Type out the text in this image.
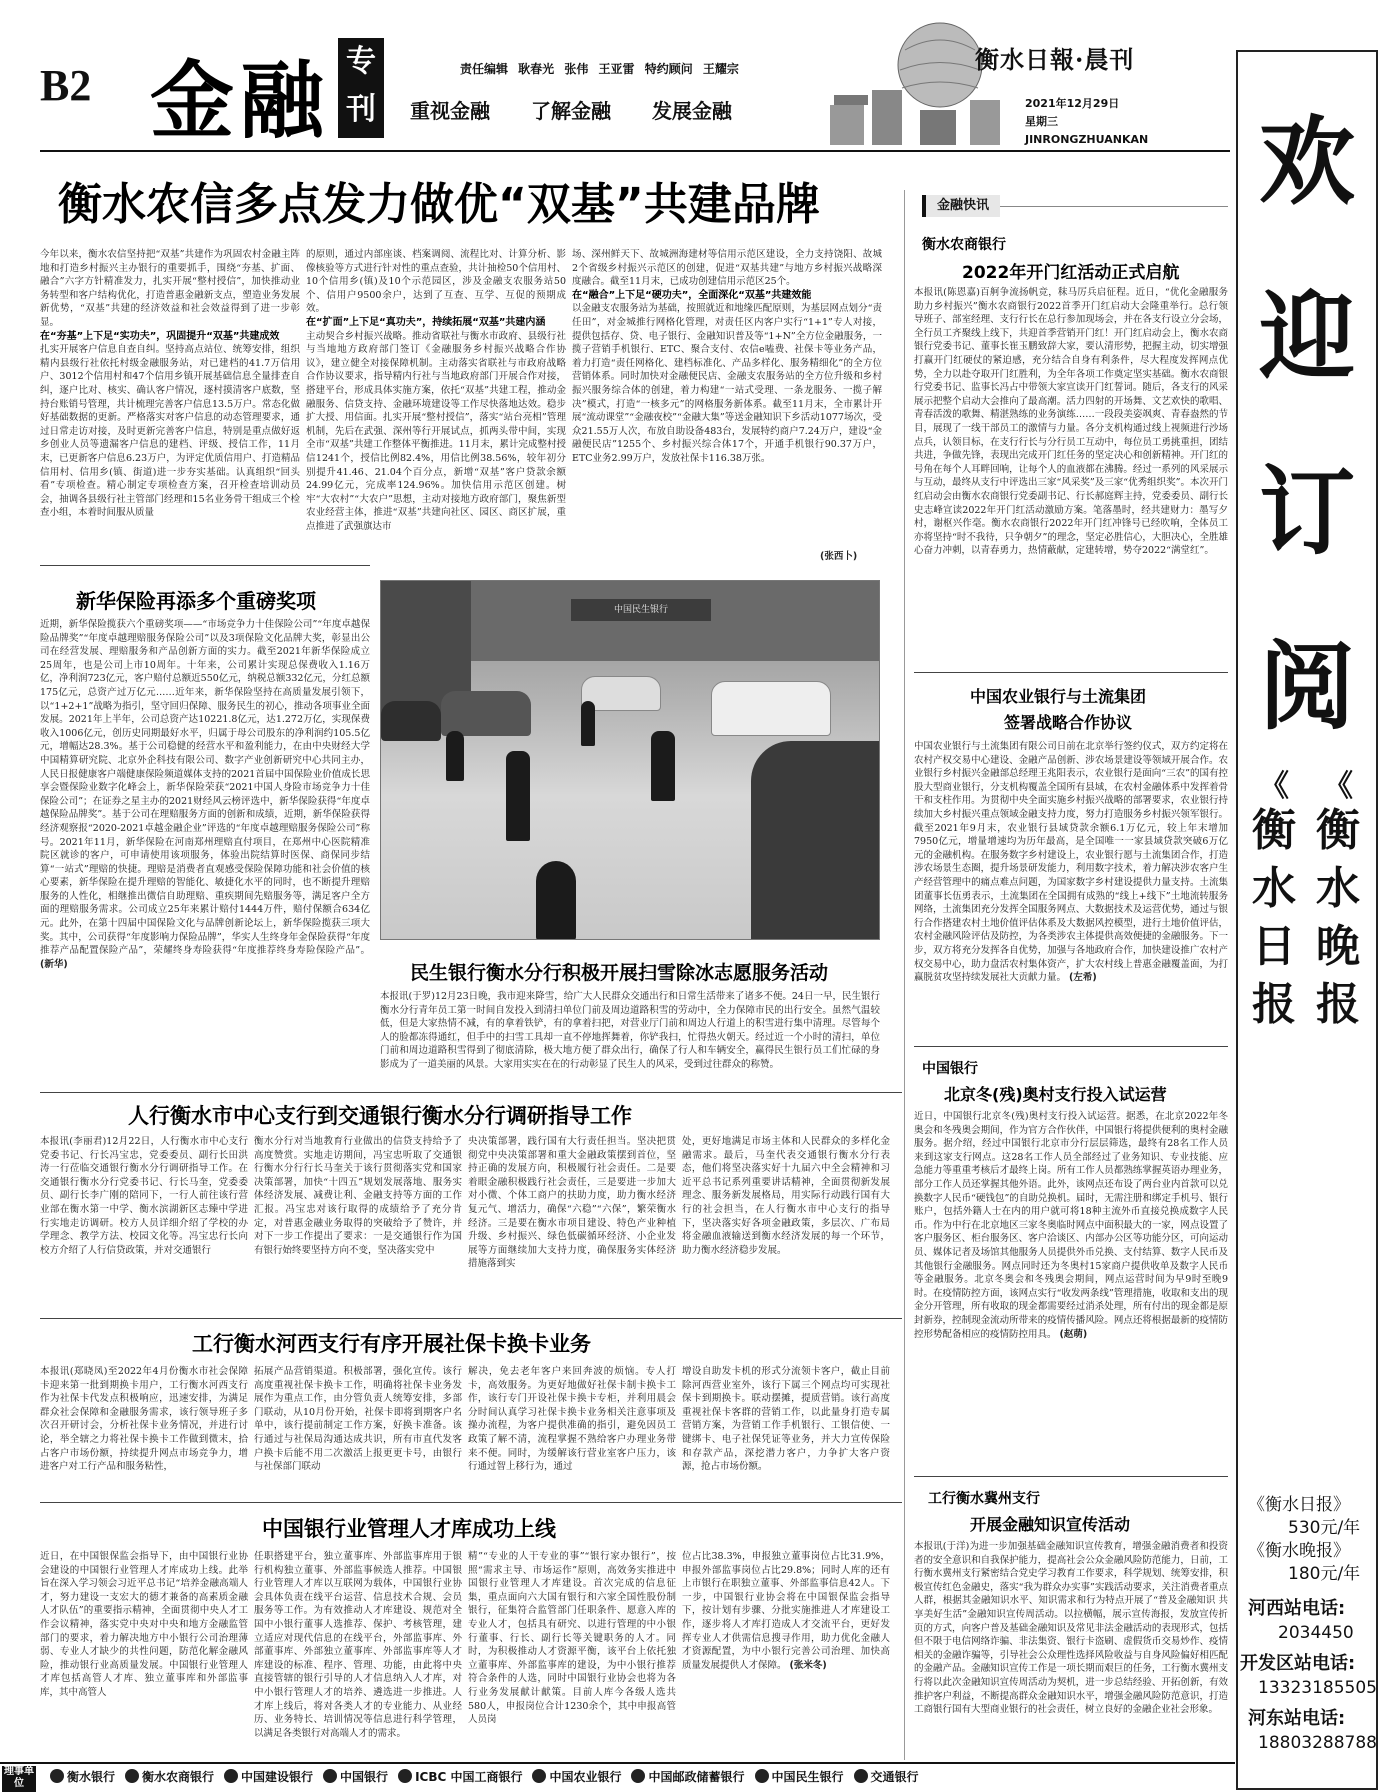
B2 金融 专刊
责任编辑 耿春光 张伟 王亚雷 特约顾问 王耀宗
重视金融 了解金融 发展金融
衡水日報·晨刊
2021年12月29日
星期三
JINRONGZHUANKAN
衡水农信多点发力做优“双基”共建品牌
今年以来，衡水农信坚持把“双基”共建作为巩固农村金融主阵地和打造乡村振兴主办银行的重要抓手，围绕“夯基、扩面、融合”六字方针精准发力，扎实开展“整村授信”，加快推动业务转型和客户结构优化，打造普惠金融新支点，塑造业务发展新优势，“双基”共建的经济效益和社会效益得到了进一步彰显。
在“夯基”上下足“实功夫”，巩固提升“双基”共建成效
扎实开展客户信息自查自纠。坚持高点站位、统筹安排，组织精内县级行社依托村级金融服务站，对已建档的41.7万信用户、3012个信用村和47个信用乡镇开展基础信息全量排查自纠，逐户比对、核实、确认客户情况，逐村摸清客户底数，坚持台账销号管理，共计梳理完善客户信息13.5万户。常态化做好基础数据的更新。严格落实对客户信息的动态管理要求，通过日常走访对接，及时更新完善客户信息，特别是重点做好返乡创业人员等遗漏客户信息的建档、评级、授信工作，11月末，已更新客户信息6.23万户，为评定优质信用户、打造精品信用村、信用乡(镇、街道)进一步夯实基础。认真组织“回头看”专项检查。精心制定专项检查方案，召开检查培训动员会，抽调各县级行社主管部门经理和15名业务骨干组成三个检查小组，本着时间服从质量
的原则，通过内部座谈、档案调阅、流程比对、计算分析、影像核验等方式进行针对性的重点查验，共计抽检50个信用村、10个信用乡(镇)及10个示范园区，涉及金融支农服务站50个、信用户9500余户，达到了互查、互学、互促的预期成效。
在“扩面”上下足“真功夫”，持续拓展“双基”共建内涵
主动契合乡村振兴战略。推动省联社与衡水市政府、县级行社与当地地方政府部门签订《金融服务乡村振兴战略合作协议》，建立健全对接保障机制。主动落实省联社与市政府战略合作协议要求，指导精内行社与当地政府部门开展合作对接，搭建平台，形成具体实施方案，依托“双基”共建工程，推动金融服务、信贷支持、金融环境建设等工作尽快落地达效。稳步扩大授、用信面。扎实开展“整村授信”，落实“站台亮相”管理机制，先后在武强、深州等行开展试点，抓两头带中间，实现全市“双基”共建工作整体平衡推进。11月末，累计完成整村授信1241个，授信比例82.4%，用信比例38.56%，较年初分别提升41.46、21.04个百分点，新增“双基”客户贷款余额24.99亿元，完成率124.96%。加快信用示范区创建。树牢“大农村”“大农户”思想，主动对接地方政府部门，聚焦新型农业经营主体，推进“双基”共建向社区、园区、商区扩展，重点推进了武强旗达市
场、深州鲜天下、故城洲海建材等信用示范区建设，全力支持饶阳、故城2个省级乡村振兴示范区的创建，促进“双基共建”与地方乡村振兴战略深度融合。截至11月末，已成功创建信用示范区25个。
在“融合”上下足“硬功夫”，全面深化“双基”共建效能
以金融支农服务站为基础，按照就近和地缘匹配原则，为基层网点划分“责任田”，对金城推行网格化管理，对责任区内客户实行“1+1”专人对接，提供包括存、贷、电子银行、金融知识普及等“1+N”全方位金融服务，一揽子营销手机银行、ETC、聚合支付、农信e嗑费、社保卡等业务产品，着力打造“责任网格化、建档标准化、产品多样化、服务精细化”的全方位营销体系。同时加快对金融便民店、金融支农服务站的全方位升级和乡村振兴服务综合体的创建，着力构建“一站式受理、一条龙服务、一揽子解决”模式，打造“一核多元”的网格服务新体系。截至11月末，全市累计开展“流动课堂”“金融夜校”“金融大集”等送金融知识下乡活动1077场次，受众21.55万人次，布放自助设备483台，发展特约商户7.24万户，建设“金融便民店”1255个、乡村振兴综合体17个，开通手机银行90.37万户，ETC业务2.99万户，发放社保卡116.38万张。
(张西卜)
新华保险再添多个重磅奖项
近期，新华保险揽获六个重磅奖项——“市场竞争力十佳保险公司”“年度卓越保险品牌奖”“年度卓越理赔服务保险公司”以及3项保险文化品牌大奖，彰显出公司在经营发展、理赔服务和产品创新方面的实力。截至2021年新华保险成立25周年，也是公司上市10周年。十年来，公司累计实现总保费收入1.16万亿，净利润723亿元，客户赔付总额近550亿元，纳税总额332亿元，分红总额175亿元，总资产过万亿元……近年来，新华保险坚持在高质量发展引领下，以“1+2+1”战略为指引，坚守回归保障、服务民生的初心，推动各项事业全面发展。2021年上半年，公司总资产达10221.8亿元，达1.272万亿，实现保费收入1006亿元，创历史同期最好水平，归属于母公司股东的净利润约105.5亿元，增幅达28.3%。基于公司稳健的经营水平和盈利能力，在由中央财经大学中国精算研究院、北京外企科技有限公司、数字产业创新研究中心共同主办，人民日报健康客户端健康保险频道媒体支持的2021首届中国保险业价值成长思享会暨保险业数字化峰会上，新华保险荣获“2021中国人身险市场竞争力十佳保险公司”；在证券之星主办的2021财经风云榜评选中，新华保险获得“年度卓越保险品牌奖”。基于公司在理赔服务方面的创新和成绩，近期，新华保险获得经济观察报“2020-2021卓越金融企业”评选的“年度卓越理赔服务保险公司”称号。2021年11月，新华保险在河南郑州理赔直付项目，在郑州中心医院精准院区就诊的客户，可申请使用该项服务，体验出院结算时医保、商保同步结算“一站式”理赔的快捷。理赔是消费者直观感受保险保障功能和社会价值的核心要素，新华保险在提升理赔的智能化、敏捷化水平的同时，也不断提升理赔服务的人性化，相继推出微信自助理赔、重疾期间先赔服务等，满足客户全方面的理赔服务需求。公司成立25年来累计赔付1444万件，赔付保额合634亿元。此外，在第十四届中国保险文化与品牌创新论坛上，新华保险揽获三项大奖。其中，公司获得“年度影响力保险品牌”，华实人生终身年金保险获得“年度推荐产品配置保险产品”，荣耀终身寿险获得“年度推荐终身寿险保险产品”。 (新华)
中国民生银行
民生银行衡水分行积极开展扫雪除冰志愿服务活动
本报讯(于罗)12月23日晚，我市迎来降雪，给广大人民群众交通出行和日常生活带来了诸多不便。24日一早，民生银行衡水分行青年员工第一时间自发投入到清扫单位门前及周边道路积雪的劳动中，全力保障市民的出行安全。虽然气温较低，但是大家热情不减，有的拿着铁铲，有的拿着扫把，对营业厅门前和周边人行道上的积雪进行集中清理。尽管每个人的脸都冻得通红，但手中的扫雪工具却一直不停地挥舞着，你铲我扫，忙得热火朝天。经过近一个小时的清扫，单位门前和周边道路积雪得到了彻底清除，极大地方便了群众出行，确保了行人和车辆安全，赢得民生银行员工们忙碌的身影成为了一道美丽的风景。大家用实实在在的行动彰显了民生人的风采，受到过往群众的称赞。
人行衡水市中心支行到交通银行衡水分行调研指导工作
本报讯(李丽君)12月22日，人行衡水市中心支行党委书记、行长冯宝忠，党委委员、副行长田洪涛一行莅临交通银行衡水分行调研指导工作。在交通银行衡水分行党委书记、行长马奎，党委委员、副行长李广刚的陪同下，一行人前往该行营业部在衡水第一中学、衡水滨湖新区志臻中学进行实地走访调研。校方人员详细介绍了学校的办学理念、教学方法、校园文化等。冯宝忠行长向校方介绍了人行信贷政策，并对交通银行
衡水分行对当地教育行业做出的信贷支持给予了高度赞赏。实地走访期间，冯宝忠听取了交通银行衡水分行行长马奎关于该行贯彻落实党和国家决策部署，加快“十四五”规划发展落地、服务实体经济发展、减费让利、金融支持等方面的工作汇报。冯宝忠对该行取得的成绩给予了充分肯定，对普惠金融业务取得的突破给予了赞许，并对下一步工作提出了要求：一是交通银行作为国有银行始终要坚持方向不变，坚决落实党中
央决策部署，践行国有大行责任担当。坚决把贯彻党中央决策部署和重大金融政策摆到首位，坚持正确的发展方向，积极履行社会责任。二是要着眼金融积极践行社会责任，三是要进一步加大对小微、个体工商户的扶助力度，助力衡水经济复元气、增活力，确保“六稳”“六保”，繁荣衡水经济。三是要在衡水市项目建设、特色产业种植升级、乡村振兴、绿色低碳循环经济、小企业发展等方面继续加大支持力度，确保服务实体经济措施落到实
处，更好地满足市场主体和人民群众的多样化金融需求。最后，马奎代表交通银行衡水分行表态，他们将坚决落实好十九届六中全会精神和习近平总书记系列重要讲话精神，全面贯彻新发展理念、服务新发展格局，用实际行动践行国有大行的社会担当，在人行衡水市中心支行的指导下，坚决落实好各项金融政策，多层次、广布局将金融血液输送到衡水经济发展的每一个环节，助力衡水经济稳步发展。
工行衡水河西支行有序开展社保卡换卡业务
本报讯(郑晓凤)至2022年4月份衡水市社会保障卡迎来第一批到期换卡用户，工行衡水河西支行作为社保卡代发点积极响应，迅速安排，为满足群众社会保障和金融服务需求，该行领导班子多次召开研讨会，分析社保卡业务情况，并进行讨论，举全辖之力将社保卡换卡工作做到微末，拾占客户市场份额，持续提升网点市场竞争力，增进客户对工行产品和服务粘性，
拓展产品营销渠道。积极部署，强化宣传。该行高度重视社保卡换卡工作，明确将社保卡业务发展作为重点工作，由分管负责人统筹安排，多部门联动，从10月份开始，社保卡即将到期客户名单中，该行提前制定工作方案，好换卡准备。该行通过与社保局沟通达成共识，所有市直代发客户换卡后能不用二次激活上报更更卡号，由银行与社保部门联动
解决，免去老年客户来回奔波的烦恼。专人打卡，高效服务。为更好地做好社保卡制卡换卡工作，该行专门开设社保卡换卡专柜，并利用晨会分时间认真学习社保卡换卡业务相关注意事项及操办流程，为客户提供准确的指引，避免因员工政策了解不清，流程掌握不熟给客户办理业务带来不便。同时，为缓解该行营业室客户压力，该行通过智上移行为，通过
增设自助发卡机的形式分流领卡客户，截止目前除河西营业室外，该行下属三个网点均可实现社保卡到期换卡。联动摆摊，提质营销。该行高度重视社保卡客群的营销工作，以此量身打造专属营销方案，为营销工作手机银行、工银信使、一键绑卡、电子社保凭证等业务，并大力宣传保险和存款产品，深挖潜力客户，力争扩大客户资源，抢占市场份额。
中国银行业管理人才库成功上线
近日，在中国银保监会指导下，由中国银行业协会建设的中国银行业管理人才库成功上线。此举旨在深入学习领会习近平总书记“培养金融高端人才，努力建设一支宏大的德才兼备的高素质金融人才队伍”的重要指示精神，全面贯彻中央人才工作会议精神，落实党中央对中央和地方金融监管部门的要求，着力解决地方中小银行公司治理薄弱、专业人才缺少的共性问题，防范化解金融风险，推动银行业高质量发展。中国银行业管理人才库包括高管人才库、独立董事库和外部监事库，其中高管人
任职搭建平台，独立董事库、外部监事库用于银行机构独立董事、外部监事候选人推荐。中国银行业管理人才库以互联网为载体，中国银行业协会具体负责在线平台运营、信息技术合规、会员服务等工作。为有效推动人才库建设、规范对全国中小银行董事人选推荐、保护、考核管理，建立适应对现代信息的在线平台，外部监事库、外部董事库、外部独立董事库、外部监事库等人才库建设的标准、程序、管理、功能，由此将中央直接管辖的银行引导的人才信息纳入人才库，对中小银行管理人才的培养、遴选进一步推进。人才库上线后，将对各类人才的专业能力、从业经历、业务特长、培训情况等信息进行科学管理，以满足各类银行对高端人才的需求。
精”“专业的人干专业的事”“银行家办银行”，按照“需求主导、市场运作”原则，高效务实推进中国银行业管理人才库建设。首次完成的信息征集，重点面向六大国有银行和六家全国性股份制银行，征集符合监管部门任职条件、愿意入库的专业人才，包括具有研究、以进行管理的中小银行董事、行长、副行长等关键职务的人才。同时，为积极推动人才资源平衡，该平台上依托独立董事库、外部监事库的建设，为中小银行推荐符合条件的人选，同时中国银行业协会也将为各行业务发展献计献策。目前人库今各级人选共580人，申报岗位合计1230余个，其中申报高管人员岗
位占比38.3%，申报独立董事岗位占比31.9%，申报外部监事岗位占比29.8%；同时人库的还有上市银行在职独立董事、外部监事信息42人。下一步，中国银行业协会将在中国银保监会指导下，按计划有步骤、分批实施推进人才库建设工作，逐步将人才库打造成人才交流平台，更好发挥专业人才供需信息搜寻作用，助力优化金融人才资源配置，为中小银行完善公司治理、加快高质量发展提供人才保障。 (张米冬)
金融快讯
衡水农商银行
2022年开门红活动正式启航
本报讯(陈恩嘉)百舸争流扬帆竞，秣马厉兵启征程。近日，“优化金融服务 助力乡村振兴”衡水农商银行2022首季开门红启动大会隆重举行。总行领导班子、部室经理、支行行长在总行参加现场会，并在各支行设立分会场，全行员工齐聚线上线下，共迎首季营销开门红！开门红启动会上，衡水农商银行党委书记、董事长崔玉鹏致辞大家，要认清形势，把握主动，切实增强打赢开门红硬仗的紧迫感，充分结合自身有利条件，尽大程度发挥网点优势，全力以赴夺取开门红胜利，为全年各项工作奠定坚实基础。衡水农商银行党委书记、监事长冯占中带领大家宣读开门红誓词。随后，各支行的风采展示把整个启动大会推向了最高潮。活力四射的开场舞、文艺欢快的歌唱、青春活泼的歌舞、精湛熟练的业务演练……一段段美姿飒爽、青春盎然的节目，展现了一线干部员工的激情与力量。各分支机构通过线上视频进行沙场点兵，认领目标，在支行行长与分行员工互动中，每位员工勇挑重担，团结共进，争做先锋，表现出完成开门红任务的坚定决心和创新精神。开门红的号角在每个人耳畔回响，让每个人的血液都在沸腾。经过一系列的风采展示与互动，最终从支行中评选出三家“风采奖”及三家“优秀组织奖”。本次开门红启动会由衡水农商银行党委副书记、行长郝庭辉主持，党委委员、副行长史志峰宣读2022年开门红活动激励方案。笔落墨时，经共建财力：墨写夕村，谢枢兴作毫。衡水农商银行2022年开门红冲锋号已经吹响，全体员工亦将坚持“时不我待，只争朝夕”的理念，坚定必胜信心，大胆决心，全胜雄心奋力冲刺，以青春勇力，热情蔽献，定建转增，势夺2022“满堂红”。
中国农业银行与土流集团
签署战略合作协议
中国农业银行与土流集团有限公司日前在北京举行签约仪式，双方约定将在农村产权交易中心建设、金融产品创新、涉农场景建设等领域开展合作。农业银行乡村振兴金融部总经理王兆阳表示，农业银行是面向“三农”的国有控股大型商业银行，分支机构覆盖全国所有县域，在农村金融体系中发挥着骨干和支柱作用。为贯彻中央全面实施乡村振兴战略的部署要求，农业银行持续加大乡村振兴重点领域金融支持力度，努力打造服务乡村振兴领军银行。截至2021年9月末，农业银行县域贷款余额6.1万亿元，较上年末增加7950亿元，增量增速均为历年最高，是全国唯一一家县域贷款突破6万亿元的金融机构。在服务数字乡村建设上，农业银行愿与土流集团合作，打造涉农场景生态圈，提升场景研发能力，利用数字技术，着力解决涉农客户生产经营管理中的痛点难点问题，为国家数字乡村建设提供力量支持。土流集团董事长伍勇表示，土流集团在全国拥有成熟的“线上+线下”土地流转服务网络，土流集团充分发挥全国服务网点、大数据技术及运营优势，通过与银行合作搭建农村土地价值评估体系及大数据风控模型，进行土地价值评估，农村金融风险评估及防控，为各类涉农主体提供高效便捷的金融服务。下一步，双方将充分发挥各自优势，加强与各地政府合作，加快建设推广农村产权交易中心，助力盘活农村集体资产，扩大农村线上普惠金融覆盖面，为打赢脱贫攻坚持续发展社大贡献力量。 (左希)
中国银行
北京冬(残)奥村支行投入试运营
近日，中国银行北京冬(残)奥村支行投入试运营。据悉，在北京2022年冬奥会和冬残奥会期间，作为官方合作伙伴，中国银行将提供便利的奥村金融服务。据介绍，经过中国银行北京市分行层层筛选，最终有28名工作人员来到这家支行网点。这28名工作人员全部经过了业务知识、专业技能、应急能力等重重考核后才最终上岗。所有工作人员都熟练掌握英语办理业务，部分工作人员还掌握其他外语。此外，该网点还布设了两台业内首款可以兑换数字人民币“硬钱包”的自助兑换机。届时，无需注册和绑定手机号、银行账户，包括外籍人士在内的用户就可将18种主流外币直接兑换成数字人民币。作为中行在北京地区三家冬奥临时网点中面积最大的一家，网点设置了客户服务区、柜台服务区、客户洽谈区、内部办公区等功能分区，可向运动员、媒体记者及场馆其他服务人员提供外币兑换、支付结算、数字人民币及其他银行金融服务。网点同时还为冬奥村15家商户提供收单及数字人民币等金融服务。北京冬奥会和冬残奥会期间，网点运营时间为早9时至晚9时。在疫情防控方面，该网点实行“收发两条线”管理措施，收取和支出的现金分开管理，所有收取的现金都需要经过消杀处理，所有付出的现金都是原封新券，控制现金流动所带来的疫情传播风险。网点还将根据最新的疫情防控形势配备相应的疫情防控用具。 (赵萌)
工行衡水冀州支行
开展金融知识宣传活动
本报讯(于洋)为进一步加强基础金融知识宣传教育，增强金融消费者和投资者的安全意识和自我保护能力，提高社会公众金融风险防范能力，日前，工行衡水冀州支行紧密结合党史学习教育工作要求，科学规划、统筹安排，积极宣传红色金融史，落实“我为群众办实事”实践活动要求，关注消费者重点人群，根据其金融知识水平、知识需求和行为特点开展了“普及金融知识 共享美好生活”金融知识宣传周活动。以拉横幅，展示宣传海报，发放宣传折页的方式，向客户普及基础金融知识及常见非法金融活动的表现形式，包括但不限于电信网络诈骗、非法集资、银行卡盗刷、虚假货币交易炒作、疫情相关的金融诈骗等，引导社会公众理性选择风险收益与自身风险偏好相匹配的金融产品。金融知识宣传工作是一项长期而艰巨的任务，工行衡水冀州支行将以此次金融知识宣传周活动为契机，进一步总结经验、开拓创新，有效推护客户利益，不断提高群众金融知识水平，增强金融风险防范意识，打造工商银行国有大型商业银行的社会责任，树立良好的金融企业社会形象。
欢迎订阅
《
衡水晚报
《
衡水日报
《衡水日报》
530元/年
《衡水晚报》
180元/年
河西站电话:
2034450
开发区站电话:
13323185505
河东站电话:
18803288788
理事单位	衡水银行	衡水农商银行	中国建设银行	中国银行	ICBC 中国工商银行	中国农业银行	中国邮政储蓄银行	中国民生银行	交通银行
